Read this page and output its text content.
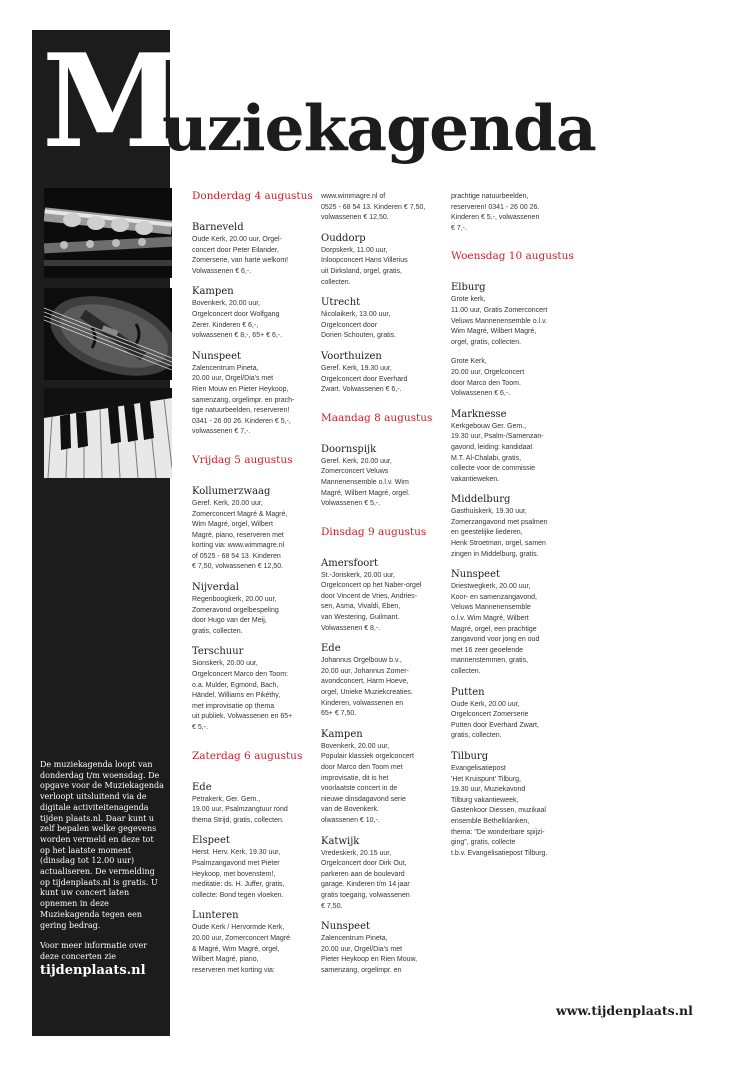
M
uziekagenda

De muziekagenda loopt van donderdag t/m woensdag. De opgave voor de Muziekagenda verloopt uitsluitend via de digitale activiteitenagenda tijden plaats.nl. Daar kunt u zelf bepalen welke gegevens worden vermeld en deze tot op het laatste moment (dinsdag tot 12.00 uur) actualiseren. De vermelding op tijdenplaats.nl is gratis. U kunt uw concert laten opnemen in deze Muziekagenda tegen een gering bedrag.

Voor meer informatie over deze concerten zie

tijdenplaats.nl
Donderdag 4 augustus
Barneveld
Oude Kerk, 20.00 uur, Orgel-
concert door Peter Eilander,
Zomerserie, van harte welkom!
Volwassenen € 6,-.
Kampen
Bovenkerk, 20.00 uur,
Orgelconcert door Wolfgang
Zerer. Kinderen € 6,-,
volwassenen € 8,-, 65+ € 6,-.
Nunspeet
Zalencentrum Pineta,
20.00 uur, Orgel/Dia's met
Rien Mouw en Pieter Heykoop,
samenzang, orgelimpr. en prach-
tige natuurbeelden, reserveren!
0341 - 26 00 26. Kinderen € 5,-,
volwassenen € 7,-.
Vrijdag 5 augustus
Kollumerzwaag
Geref. Kerk, 20.00 uur,
Zomerconcert Magré & Magré,
Wim Magré, orgel, Wilbert
Magré, piano, reserveren met
korting via: www.wimmagre.nl
of 0525 - 68 54 13. Kinderen
€ 7,50, volwassenen € 12,50.
Nijverdal
Regenboogkerk, 20.00 uur,
Zomeravond orgelbespeling
door Hugo van der Meij,
gratis, collecten.
Terschuur
Sionskerk, 20.00 uur,
Orgelconcert Marco den Toom:
o.a. Mulder, Egmond, Bach,
Händel, Williams en Pikéthy,
met improvisatie op thema
uit publiek. Volwassenen en 65+
€ 5,-.
Zaterdag 6 augustus
Ede
Petrakerk, Ger. Gem.,
19.00 uur, Psalmzangtuur rond
thema Strijd, gratis, collecten.
Elspeet
Herst. Herv. Kerk, 19.30 uur,
Psalmzangavond met Pieter
Heykoop, met bovenstem!,
meditatie: ds. H. Juffer, gratis,
collecte: Bond tegen vloeken.
Lunteren
Oude Kerk / Hervormde Kerk,
20.00 uur, Zomerconcert Magré
& Magré, Wim Magré, orgel,
Wilbert Magré, piano,
reserveren met korting via:
www.wimmagre.nl of
0525 - 68 54 13. Kinderen € 7,50,
volwassenen € 12,50.
Ouddorp
Dorpskerk, 11.00 uur,
Inloopconcert Hans Villerius
uit Dirksland, orgel, gratis,
collecten.
Utrecht
Nicolaikerk, 13.00 uur,
Orgelconcert door
Dorien Schouten, gratis.
Voorthuizen
Geref. Kerk, 19.30 uur,
Orgelconcert door Everhard
Zwart. Volwassenen € 6,-.
Maandag 8 augustus
Doornspijk
Geref. Kerk, 20.00 uur,
Zomerconcert Veluws
Mannenensemble o.l.v. Wim
Magré, Wilbert Magré, orgel.
Volwassenen € 5,-.
Dinsdag 9 augustus
Amersfoort
St.-Joriskerk, 20.00 uur,
Orgelconcert op het Naber-orgel
door Vincent de Vries, Andries-
sen, Asma, Vivaldi, Eben,
van Westering, Guilmant.
Volwassenen € 8,-.
Ede
Johannus Orgelbouw b.v.,
20.00 uur, Johannus Zomer-
avondconcert, Harm Hoeve,
orgel, Unieke Muziekcreaties.
Kinderen, volwassenen en
65+ € 7,50.
Kampen
Bovenkerk, 20.00 uur,
Populair klassiek orgelconcert
door Marco den Toom met
improvisatie, dit is het
voorlaatste concert in de
nieuwe dinsdagavond serie
van de Bovenkerk.
olwassenen € 10,-.
Katwijk
Vredeskerk, 20.15 uur,
Orgelconcert door Dirk Out,
parkeren aan de boulevard
garage. Kinderen t/m 14 jaar
gratis toegang, volwassenen
€ 7,50.
Nunspeet
Zalencentrum Pineta,
20.00 uur, Orgel/Dia's met
Pieter Heykoop en Rien Mouw,
samenzang, orgelimpr. en
prachtige natuurbeelden,
reserveren! 0341 - 26 00 26.
Kinderen € 5,-, volwassenen
€ 7,-.
Woensdag 10 augustus
Elburg
Grote kerk,
11.00 uur, Gratis Zomerconcert
Veluws Mannenensemble o.l.v.
Wim Magré, Wilbert Magré,
orgel, gratis, collecten.
Grote Kerk,
20.00 uur, Orgelconcert
door Marco den Toom.
Volwassenen € 6,-.
Marknesse
Kerkgebouw Ger. Gem.,
19.30 uur, Psalm-/Samenzan-
gavond, leiding: kandidaat
M.T. Al-Chalabi, gratis,
collecte voor de commissie
vakantieweken.
Middelburg
Gasthuiskerk, 19.30 uur,
Zomerzangavond met psalmen
en geestelijke liederen,
Henk Stroetman, orgel, samen
zingen in Middelburg, gratis.
Nunspeet
Driestwegkerk, 20.00 uur,
Koor- en samenzangavond,
Veluws Mannenensemble
o.l.v. Wim Magré, Wilbert
Magré, orgel, een prachtige
zangavond voor jong en oud
met 16 zeer geoefende
mannenstemmen, gratis,
collecten.
Putten
Oude Kerk, 20.00 uur,
Orgelconcert Zomerserie
Putten door Everhard Zwart,
gratis, collecten.
Tilburg
Evangelisatiepost
'Het Kruispunt' Tilburg,
19.30 uur, Muziekavond
Tilburg vakantieweek,
Gastenkoor Diessen, muzikaal
ensemble Bethelklanken,
thema: "De wonderbare spijzi-
ging", gratis, collecte
t.b.v. Evangelisatiepost Tilburg.
www.tijdenplaats.nl
